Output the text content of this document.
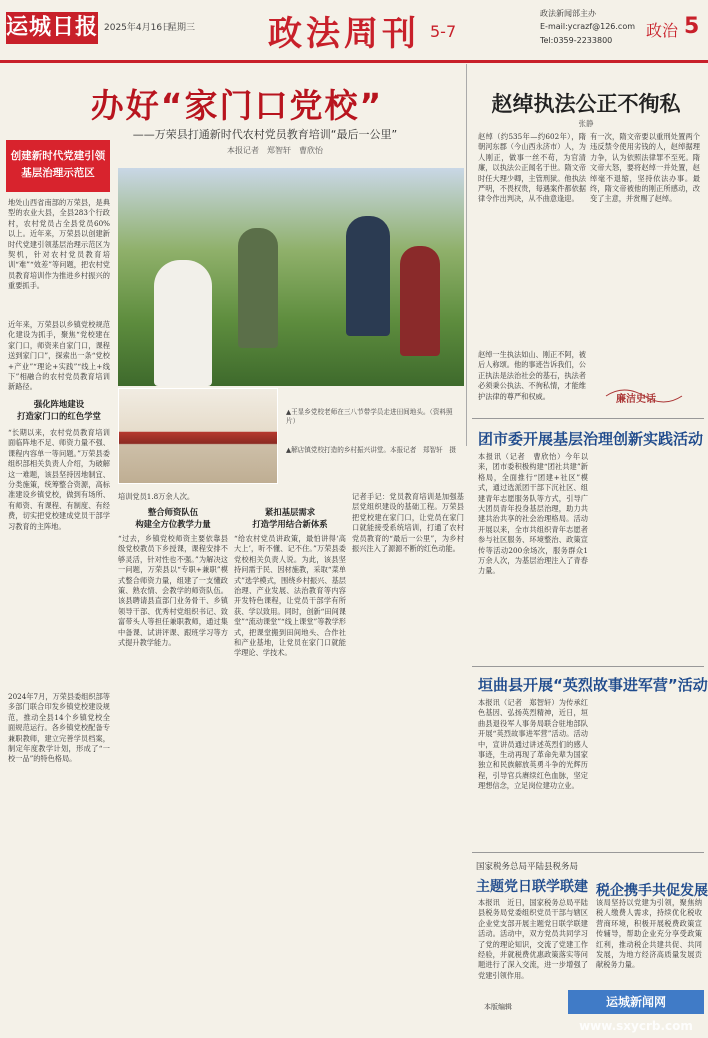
运城日报 2025年4月16日
星期三 政法周刊 5-7
政法新闻部主办
E-mail:ycrazf@126.com
Tel:0359-2233800
政治 5
办好“家门口党校”
——万荣县打通新时代农村党员教育培训“最后一公里”
本报记者　郑智轩　曹欣怡
创建新时代党建引领
基层治理示范区
地处山西省南部的万荣县，是典型的农业大县，全县283个行政村，农村党员占全县党员60%以上。近年来，万荣县以创建新时代党建引领基层治理示范区为契机，针对农村党员教育培训“难”“效差”等问题，把农村党员教育培训作为推进乡村振兴的重要抓手。
近年来，万荣县以乡镇党校规范化建设为抓手，聚焦“党校建在家门口，师资来自家门口，课程送到家门口”，探索出一条“党校+产业”“理论+实践”“线上+线下”相融合的农村党员教育培训新路径。
强化阵地建设
打造家门口的红色学堂
“长期以来，农村党员教育培训面临阵地不足、师资力量不强、课程内容单一等问题。”万荣县委组织部相关负责人介绍，为破解这一难题，该县坚持因地制宜、分类施策，统筹整合资源，高标准建设乡镇党校，做到有场所、有师资、有课程、有制度、有经费，切实把党校建成党员干部学习教育的主阵地。
2024年7月，万荣县委组织部等多部门联合印发乡镇党校建设规范，推动全县14个乡镇党校全面规范运行。各乡镇党校配备专兼职教师，建立完善学员档案，制定年度教学计划，形成了“一校一品”的特色格局。
▲王显乡党校老师在三八节带学员走进田间地头。（资料照片）
▲解店镇党校打造的乡村振兴讲堂。本报记者　郑智轩　摄
培训党员1.8万余人次。
整合师资队伍
构建全方位教学力量
“过去，乡镇党校师资主要依靠县级党校教员下乡授课，课程安排不够灵活，针对性也不强。”为解决这一问题，万荣县以“专职+兼职”模式整合师资力量，组建了一支懂政策、熟农情、会教学的师资队伍。该县聘请县直部门业务骨干、乡镇领导干部、优秀村党组织书记、致富带头人等担任兼职教师，通过集中备课、试讲评课、跟班学习等方式提升教学能力。
紧扣基层需求
打造学用结合新体系
“给农村党员讲政策，最怕讲得‘高大上’，听不懂、记不住。”万荣县委党校相关负责人说。为此，该县坚持问需于民、因材施教，采取“菜单式”选学模式，围绕乡村振兴、基层治理、产业发展、法治教育等内容开发特色课程，让党员干部学有所获、学以致用。同时，创新“田间课堂”“流动课堂”“线上课堂”等教学形式，把课堂搬到田间地头、合作社和产业基地，让党员在家门口就能学理论、学技术。
记者手记：党员教育培训是加强基层党组织建设的基础工程。万荣县把党校建在家门口，让党员在家门口就能接受系统培训，打通了农村党员教育的“最后一公里”，为乡村振兴注入了源源不断的红色动能。
赵绰执法公正不徇私
张静
赵绰（约535年—约602年），隋朝河东郡（今山西永济市）人，为人刚正，做事一丝不苟，为官清廉，以执法公正闻名于世。隋文帝时任大理少卿，主管刑狱。他执法严明，不畏权贵，每遇案件都依据律令作出判决，从不曲意逢迎。
有一次，隋文帝要以重刑处置两个违反禁令使用劣钱的人，赵绰据理力争，认为依照法律罪不至死。隋文帝大怒，要将赵绰一并处置，赵绰毫不退缩，坚持依法办事。最终，隋文帝被他的刚正所感动，改变了主意，并赏赐了赵绰。
赵绰一生执法如山、刚正不阿，被后人称颂。他的事迹告诉我们，公正执法是法治社会的基石，执法者必须秉公执法、不徇私情，才能维护法律的尊严和权威。	廉洁史话
团市委开展基层治理创新实践活动
本报讯（记者　曹欣怡）今年以来，团市委积极构建“团社共建”新格局，全面推行“团建+社区”模式，通过选派团干部下沉社区、组建青年志愿服务队等方式，引导广大团员青年投身基层治理，助力共建共治共享的社会治理格局。活动开展以来，全市共组织青年志愿者参与社区服务、环境整治、政策宣传等活动200余场次，服务群众1万余人次，为基层治理注入了青春力量。
垣曲县开展“英烈故事进军营”活动
本报讯（记者　郑智轩）为传承红色基因、弘扬英烈精神，近日，垣曲县退役军人事务局联合驻地部队开展“英烈故事进军营”活动。活动中，宣讲员通过讲述英烈们的感人事迹，生动再现了革命先辈为国家独立和民族解放英勇斗争的光辉历程，引导官兵赓续红色血脉，坚定理想信念，立足岗位建功立业。
国家税务总局平陆县税务局
主题党日联学联建
本报讯　近日，国家税务总局平陆县税务局党委组织党员干部与辖区企业党支部开展主题党日联学联建活动。活动中，双方党员共同学习了党的理论知识，交流了党建工作经验，并就税费优惠政策落实等问题进行了深入交流，进一步增强了党建引领作用。
税企携手共促发展
该局坚持以党建为引领，聚焦纳税人缴费人需求，持续优化税收营商环境，积极开展税费政策宣传辅导，帮助企业充分享受政策红利，推动税企共建共促、共同发展，为地方经济高质量发展贡献税务力量。
本版编辑	运城新闻网 www.sxycrb.com
